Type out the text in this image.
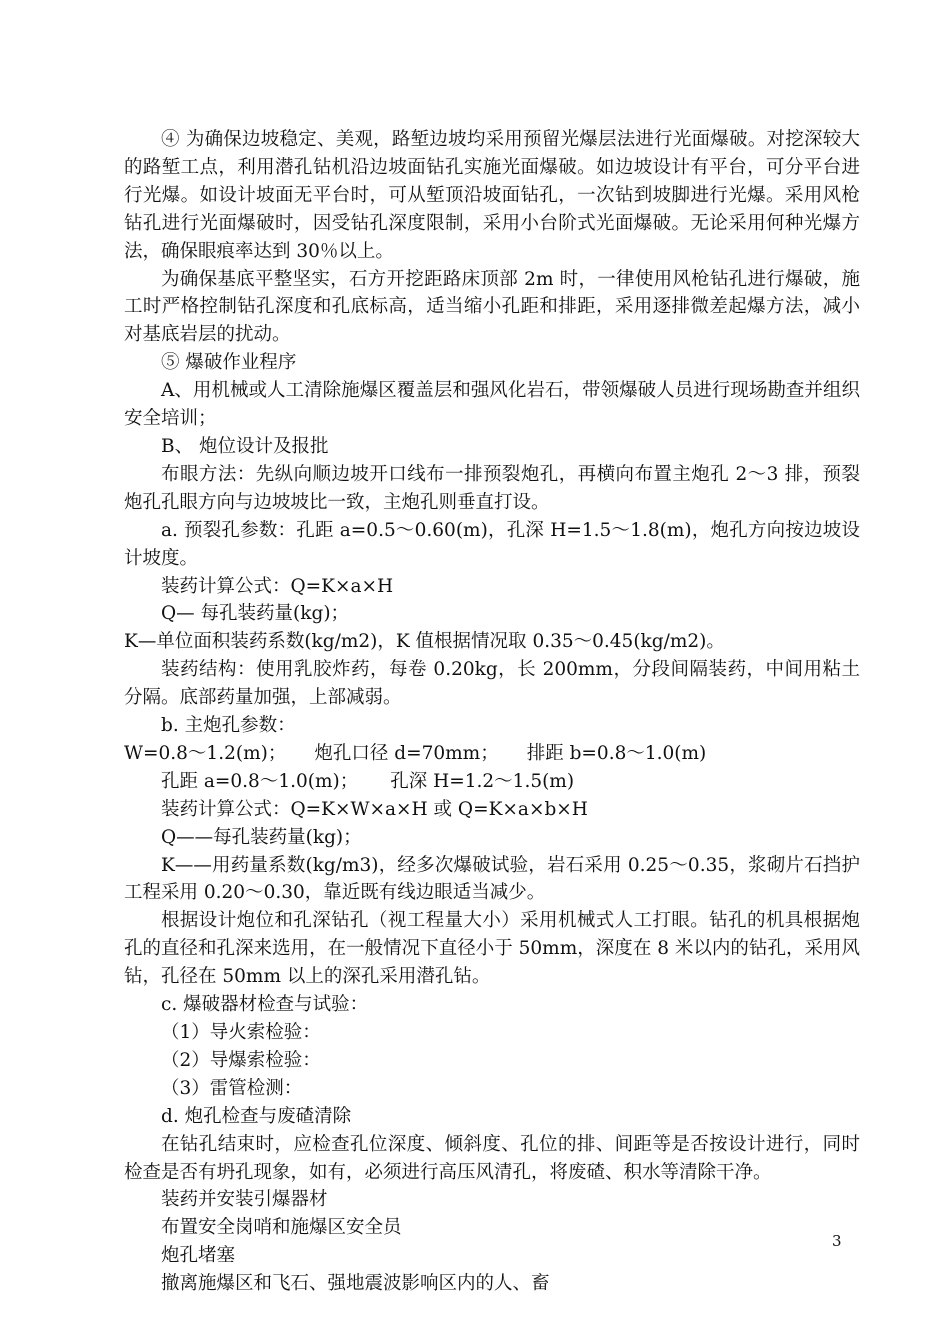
④ 为确保边坡稳定、美观，路堑边坡均采用预留光爆层法进行光面爆破。对挖深较大的路堑工点，利用潜孔钻机沿边坡面钻孔实施光面爆破。如边坡设计有平台，可分平台进行光爆。如设计坡面无平台时，可从堑顶沿坡面钻孔，一次钻到坡脚进行光爆。采用风枪钻孔进行光面爆破时，因受钻孔深度限制，采用小台阶式光面爆破。无论采用何种光爆方法，确保眼痕率达到 30％以上。

为确保基底平整坚实，石方开挖距路床顶部 2m 时，一律使用风枪钻孔进行爆破，施工时严格控制钻孔深度和孔底标高，适当缩小孔距和排距，采用逐排微差起爆方法，减小对基底岩层的扰动。

⑤ 爆破作业程序

A、用机械或人工清除施爆区覆盖层和强风化岩石，带领爆破人员进行现场勘查并组织安全培训；

B、 炮位设计及报批

布眼方法：先纵向顺边坡开口线布一排预裂炮孔，再横向布置主炮孔 2～3 排，预裂炮孔孔眼方向与边坡坡比一致，主炮孔则垂直打设。

a. 预裂孔参数：孔距 a=0.5～0.60(m)，孔深 H=1.5～1.8(m)，炮孔方向按边坡设计坡度。

装药计算公式：Q=K×a×H

Q— 每孔装药量(kg)；

K—单位面积装药系数(kg/m2)，K 值根据情况取 0.35～0.45(kg/m2)。

装药结构：使用乳胶炸药，每卷 0.20kg，长 200mm，分段间隔装药，中间用粘土分隔。底部药量加强，上部减弱。

b. 主炮孔参数：

W=0.8～1.2(m)； 炮孔口径 d=70mm； 排距 b=0.8～1.0(m)

孔距 a=0.8～1.0(m)； 孔深 H=1.2～1.5(m)

装药计算公式：Q=K×W×a×H 或 Q=K×a×b×H

Q——每孔装药量(kg)；

K——用药量系数(kg/m3)，经多次爆破试验，岩石采用 0.25～0.35，浆砌片石挡护工程采用 0.20～0.30，靠近既有线边眼适当减少。

根据设计炮位和孔深钻孔（视工程量大小）采用机械式人工打眼。钻孔的机具根据炮孔的直径和孔深来选用，在一般情况下直径小于 50mm，深度在 8 米以内的钻孔，采用风钻，孔径在 50mm 以上的深孔采用潜孔钻。

c. 爆破器材检查与试验：

（1）导火索检验：

（2）导爆索检验：

（3）雷管检测：

d. 炮孔检查与废碴清除

在钻孔结束时，应检查孔位深度、倾斜度、孔位的排、间距等是否按设计进行，同时检查是否有坍孔现象，如有，必须进行高压风清孔，将废碴、积水等清除干净。

装药并安装引爆器材

布置安全岗哨和施爆区安全员

炮孔堵塞

撤离施爆区和飞石、强地震波影响区内的人、畜

3
